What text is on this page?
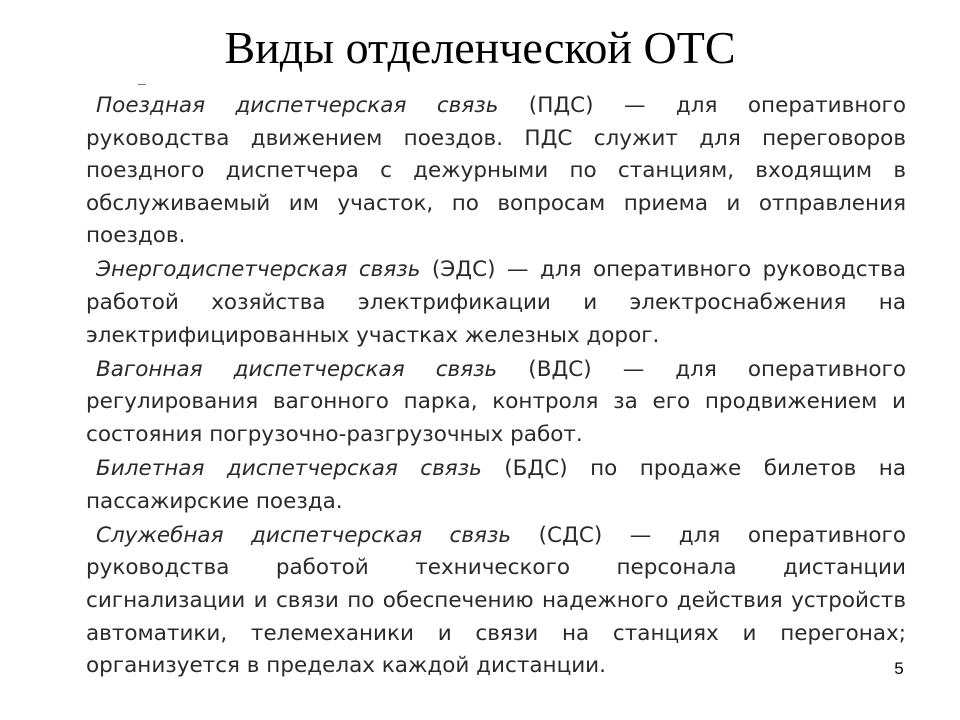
Виды отделенческой ОТС

Поездная диспетчерская связь (ПДС) — для оперативного руководства движением поездов. ПДС служит для переговоров поездного диспетчера с дежурными по станциям, входящим в обслуживаемый им участок, по вопросам приема и отправления поездов.

Энергодиспетчерская связь (ЭДС) — для оперативного руководства работой хозяйства электрификации и электроснабжения на электрифицированных участках железных дорог.

Вагонная диспетчерская связь (ВДС) — для оперативного регулирования вагонного парка, контроля за его продвижением и состояния погрузочно-разгрузочных работ.

Билетная диспетчерская связь (БДС) по продаже билетов на пассажирские поезда.

Служебная диспетчерская связь (СДС) — для оперативного руководства работой технического персонала дистанции сигнализации и связи по обеспечению надежного действия устройств автоматики, телемеханики и связи на станциях и перегонах; организуется в пределах каждой дистанции.	5
